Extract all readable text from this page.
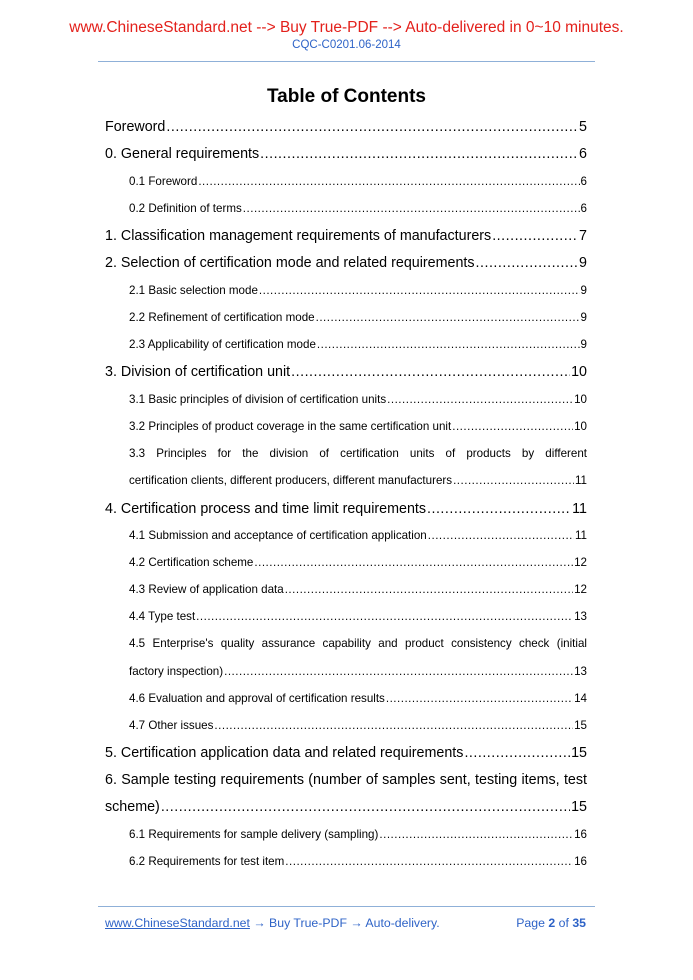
www.ChineseStandard.net --> Buy True-PDF --> Auto-delivered in 0~10 minutes.
CQC-C0201.06-2014
Table of Contents
Foreword .....	5
0. General requirements .....	6
0.1 Foreword .....	6
0.2 Definition of terms .....	6
1. Classification management requirements of manufacturers .....	7
2. Selection of certification mode and related requirements .....	9
2.1 Basic selection mode .....	9
2.2 Refinement of certification mode .....	9
2.3 Applicability of certification mode .....	9
3. Division of certification unit .....	10
3.1 Basic principles of division of certification units .....	10
3.2 Principles of product coverage in the same certification unit .....	10
3.3 Principles for the division of certification units of products by different
certification clients, different producers, different manufacturers .....	11
4. Certification process and time limit requirements .....	11
4.1 Submission and acceptance of certification application .....	11
4.2 Certification scheme .....	12
4.3 Review of application data .....	12
4.4 Type test .....	13
4.5 Enterprise's quality assurance capability and product consistency check (initial
factory inspection) .....	13
4.6 Evaluation and approval of certification results .....	14
4.7 Other issues .....	15
5. Certification application data and related requirements .....	15
6. Sample testing requirements (number of samples sent, testing items, test
scheme) .....	15
6.1 Requirements for sample delivery (sampling) .....	16
6.2 Requirements for test item .....	16
www.ChineseStandard.net → Buy True-PDF → Auto-delivery.	Page 2 of 35
